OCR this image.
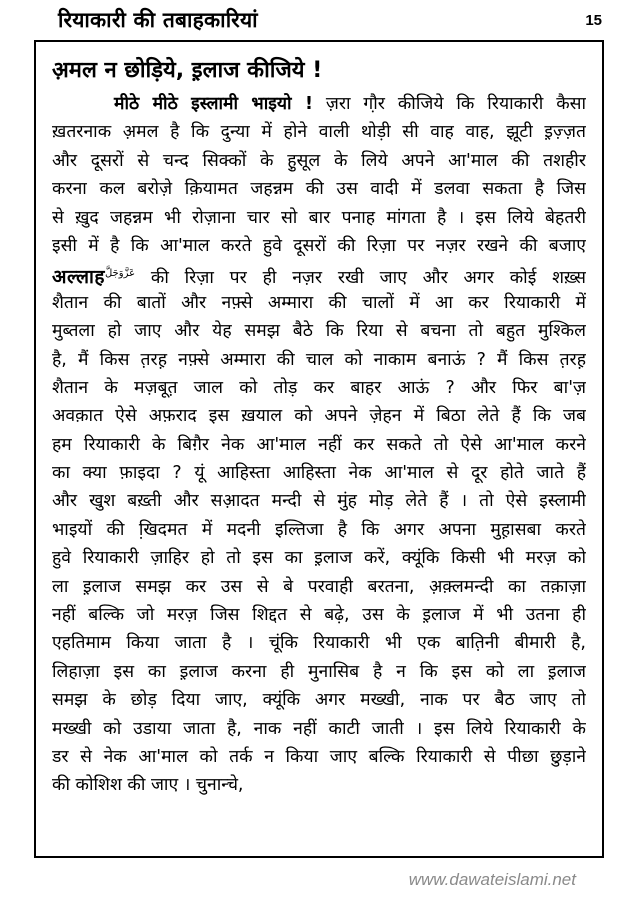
रियाकारी की तबाहकारियां	15
अ़मल न छोड़िये, इ़लाज कीजिये !
मीठे मीठे इस्लामी भाइयो ! ज़रा गौ़र कीजिये कि रियाकारी कैसा
ख़तरनाक अ़मल है कि दुन्या में होने वाली थोड़ी सी वाह वाह, झूटी इ़ज़्ज़त
और दूसरों से चन्द सिक्कों के हु़सूल के लिये अपने आ'माल की तशहीर
करना कल बरोज़े क़ियामत जहन्नम की उस वादी में डलवा सकता है जिस
से खु़द जहन्नम भी रोज़ाना चार सो बार पनाह मांगता है । इस लिये बेहतरी
इसी में है कि आ'माल करते हुवे दूसरों की रिज़ा पर नज़र रखने की बजाए
अल्लाह$^{عَزَّوَجَلَّ}$ की रिज़ा पर ही नज़र रखी जाए और अगर कोई शख़्स
शैतान की बातों और नफ़्से अम्मारा की चालों में आ कर रियाकारी में
मुब्तला हो जाए और येह समझ बैठे कि रिया से बचना तो बहुत मुश्किल
है, मैं किस त़रह़ नफ़्से अम्मारा की चाल को नाकाम बनाऊं ? मैं किस त़रह़
शैतान के मज़बूत़ जाल को तोड़ कर बाहर आऊं ? और फिर बा'ज़
अवक़ात ऐसे अफ़राद इस ख़याल को अपने ज़ेहन में बिठा लेते हैं कि जब
हम रियाकारी के बिग़ैर नेक आ'माल नहीं कर सकते तो ऐसे आ'माल करने
का क्या फ़ाइदा ? यूं आहिस्ता आहिस्ता नेक आ'माल से दूर होते जाते हैं
और खुश बख़्ती और सआ़दत मन्दी से मुंह मोड़ लेते हैं । तो ऐसे इस्लामी
भाइयों की खि़दमत में मदनी इल्तिजा है कि अगर अपना मुह़ासबा करते
हुवे रियाकारी ज़ाहिर हो तो इस का इ़लाज करें, क्यूंकि किसी भी मरज़ को
ला इ़लाज समझ कर उस से बे परवाही बरतना, अ़क़्लमन्दी का तक़ाज़ा
नहीं बल्कि जो मरज़ जिस शिद्दत से बढ़े, उस के इ़लाज में भी उतना ही
एहतिमाम किया जाता है । चूंकि रियाकारी भी एक बात़िनी बीमारी है,
लिहाज़ा इस का इ़लाज करना ही मुनासिब है न कि इस को ला इ़लाज
समझ के छोड़ दिया जाए, क्यूंकि अगर मख्खी, नाक पर बैठ जाए तो
मख्खी को उडाया जाता है, नाक नहीं काटी जाती । इस लिये रियाकारी के
डर से नेक आ'माल को तर्क न किया जाए बल्कि रियाकारी से पीछा छुड़ाने
की कोशिश की जाए । चुनान्चे,
www.dawateislami.net
